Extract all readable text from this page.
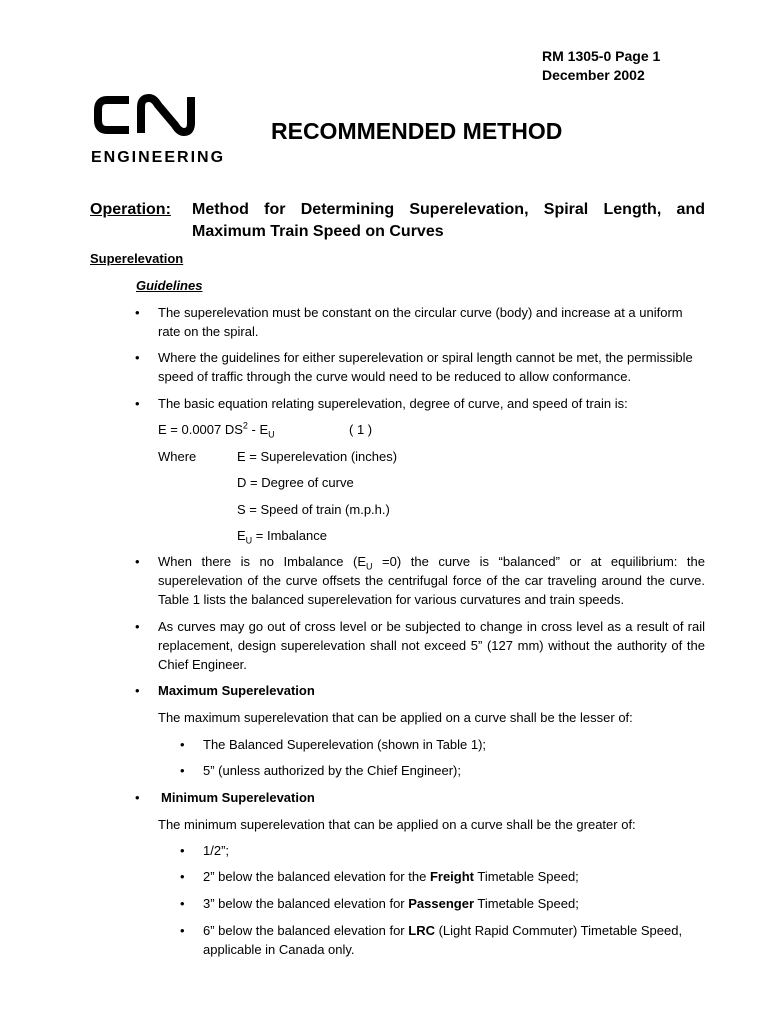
RM 1305-0 Page 1
December 2002
ENGINEERING
RECOMMENDED METHOD
Operation: Method for Determining Superelevation, Spiral Length, and Maximum Train Speed on Curves
Superelevation
Guidelines
• The superelevation must be constant on the circular curve (body) and increase at a uniform rate on the spiral.
• Where the guidelines for either superelevation or spiral length cannot be met, the permissible speed of traffic through the curve would need to be reduced to allow conformance.
• The basic equation relating superelevation, degree of curve, and speed of train is:
E = 0.0007 $DS^2 - E_U$	( 1 )
Where	E = Superelevation (inches)
D = Degree of curve
S = Speed of train (m.p.h.)
$E_U$ = Imbalance
• When there is no Imbalance $(E_U =0)$ the curve is “balanced” or at equilibrium: the superelevation of the curve offsets the centrifugal force of the car traveling around the curve. Table 1 lists the balanced superelevation for various curvatures and train speeds.
• As curves may go out of cross level or be subjected to change in cross level as a result of rail replacement, design superelevation shall not exceed 5” (127 mm) without the authority of the Chief Engineer.
• Maximum Superelevation
The maximum superelevation that can be applied on a curve shall be the lesser of:
• The Balanced Superelevation (shown in Table 1);
• 5” (unless authorized by the Chief Engineer);
• Minimum Superelevation
The minimum superelevation that can be applied on a curve shall be the greater of:
• 1/2”;
• 2” below the balanced elevation for the Freight Timetable Speed;
• 3” below the balanced elevation for Passenger Timetable Speed;
• 6” below the balanced elevation for LRC (Light Rapid Commuter) Timetable Speed, applicable in Canada only.
